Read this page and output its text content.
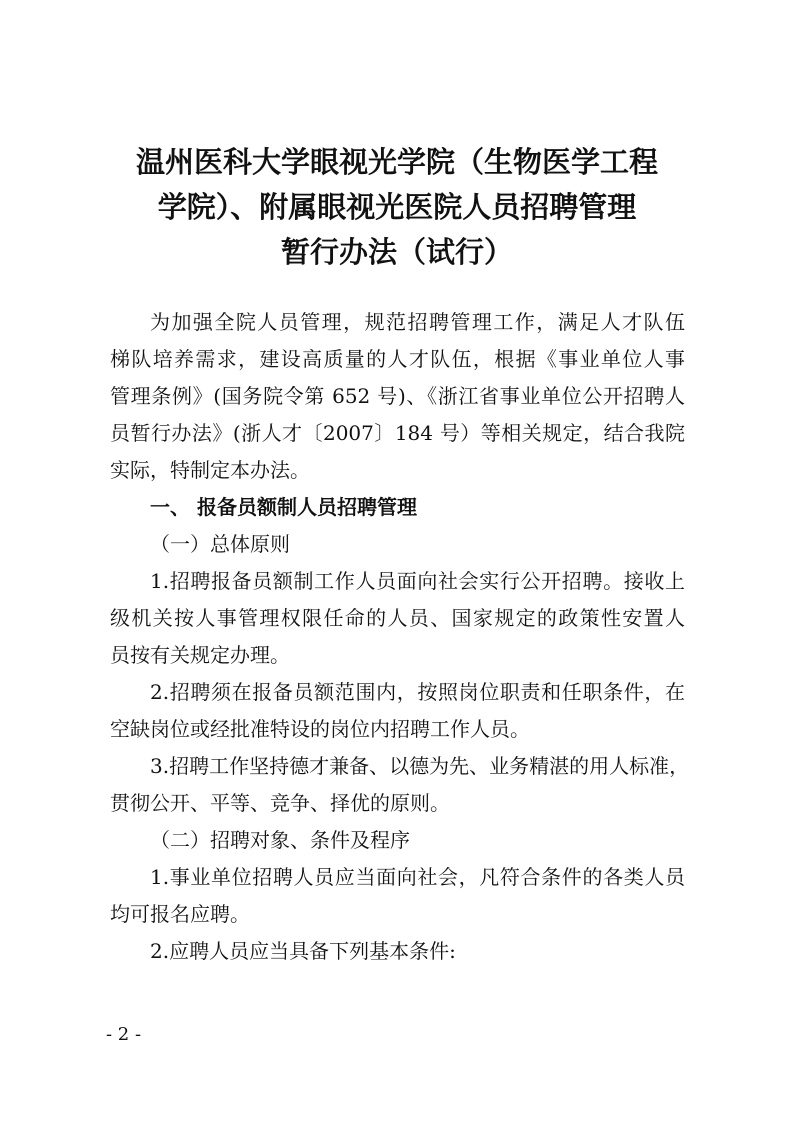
温州医科大学眼视光学院（生物医学工程
学院）、附属眼视光医院人员招聘管理
暂行办法（试行）
为加强全院人员管理，规范招聘管理工作，满足人才队伍
梯队培养需求，建设高质量的人才队伍，根据《事业单位人事
管理条例》(国务院令第 652 号)、《浙江省事业单位公开招聘人
员暂行办法》(浙人才〔2007〕184 号）等相关规定，结合我院
实际，特制定本办法。
一、 报备员额制人员招聘管理
（一）总体原则
1.招聘报备员额制工作人员面向社会实行公开招聘。接收上
级机关按人事管理权限任命的人员、国家规定的政策性安置人
员按有关规定办理。
2.招聘须在报备员额范围内，按照岗位职责和任职条件，在
空缺岗位或经批准特设的岗位内招聘工作人员。
3.招聘工作坚持德才兼备、以德为先、业务精湛的用人标准，
贯彻公开、平等、竞争、择优的原则。
（二）招聘对象、条件及程序
1.事业单位招聘人员应当面向社会，凡符合条件的各类人员
均可报名应聘。
2.应聘人员应当具备下列基本条件:
- 2 -
